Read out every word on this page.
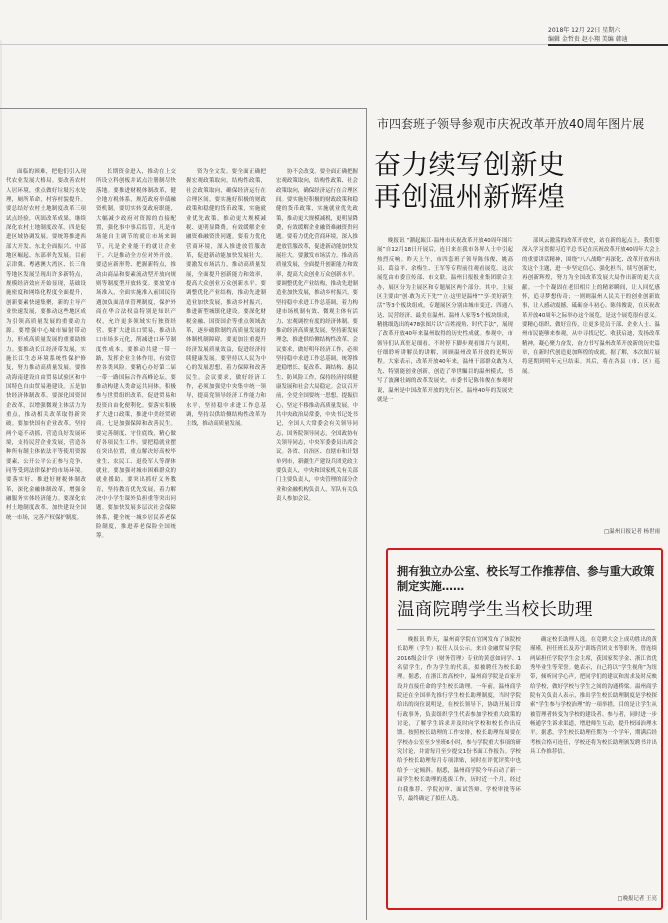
2018年 12月 22日 星期六
编辑 金哲贵 赵小翔 美编 韩迪

面临的困难，把他们引入现代农业发展大格局。要改善农村人居环境，重点做好垃圾污水处理，厕所革命，村容村貌提升。要总结好农村土地制度改革三项试点经验，巩固改革成果，继续深化农村土地制度改革。四是促进区域协调发展。要统筹推进西部大开发、东北全面振兴、中部地区崛起、东部率先发展。目前京津冀、粤港澳大湾区、长三角等地区发展呈现出许多新特点，规模经济效应开始显现，基础设施密度和网络化程度全面提升，创新要素快速集聚，新的主导产业快速发展，要推动这些地区成为引领高质量发展的重要动力源。要增强中心城市辐射带动力，形成高质量发展的重要助推力。要推动长江经济带发展，实施长江生态环境系统性保护修复，努力推动高质量发展。要推动海南建设自由贸易试验区和中国特色自由贸易港建设。五是加快经济体制改革。要深化国资国企改革，以增强微观主体活力为重点，推动相关改革取得新突破。要加快国有企业改革，坚持两个毫不动摇，营造良好发展环境，支持民营企业发展，营造各种所有制主体依法平等使用资源要素、公开公平公正参与竞争、同等受到法律保护的市场环境。要落实好、推进好财税体制改革，深化金融体制改革，增强金融服务实体经济能力。要深化农村土地制度改革，加快建设全国统一市场，完善产权保护制度。

长期资金进入，推动在上交所设立科创板并试点注册制尽快落地。要推进财税体制改革，健全地方税体系，规范政府举债融资机制。要切实转变政府职能，大幅减少政府对资源的直接配置，强化事中事后监管，凡是市场能自主调节的就让市场来调节，凡是企业能干的就让企业干。六是推动全方位对外开放。要适应新形势、把握新特点，推动由商品和要素流动型开放向规则等制度型开放转变。要放宽市场准入，全面实施准入前国民待遇加负面清单管理制度，保护外商在华合法权益特别是知识产权，允许更多领域实行独资经营。要扩大进出口贸易，推动出口市场多元化，削减进口环节制度性成本。要推动共建一带一路，发挥企业主体作用，有效管控各类风险。要精心办好第二届一带一路国际合作高峰论坛。要推动构建人类命运共同体，积极参与世贸组织改革，促进贸易和投资自由化便利化。要落实积极扩大进口政策，推进中美经贸磋商。七是加强保障和改善民生。要完善制度、守住底线，精心做好各项民生工作。要把稳就业摆在突出位置，重点解决好高校毕业生、农民工、退役军人等群体就业。要加强对城市困难群众的就业援助。要突出抓好义务教育，坚持教育优先发展，着力解决中小学生课外负担重等突出问题。要加快发展多层次社会保障体系，健全统一城乡居民养老保险制度，推进养老保险全国统筹。

资为全文发。要全面正确把握宏观政策取向，结构性政策，社会政策取向，确保经济运行在合理区间。要实施好积极的财政政策和稳健的货币政策，实施就业优先政策，推动更大规模减税、更明显降费，有效缓解企业融资难融资贵问题。要着力优化营商环境，深入推进放管服改革，促进新动能加快发展壮大。要激发市场活力，推动高质量发展，全面提升创新能力和效率，提高大众创业万众创新水平。要调整优化产业结构，推动先进制造业加快发展，推动乡村振兴，推进新型城镇化建设。要深化财税金融、国资国企等重点领域改革，逐步破除制约高质量发展的体制机制障碍。要更加注重提升经济发展质量效益，促进经济持续健康发展。要坚持以人民为中心的发展思想，着力保障和改善民生。会议要求，做好经济工作，必须加强党中央集中统一领导，提高党领导经济工作能力和水平，坚持稳中求进工作总基调，坚持以供给侧结构性改革为主线，推动高质量发展。

协不会改变。要全面正确把握宏观政策取向，结构性政策、社会政策取向，确保经济运行在合理区间。要实施好积极的财政政策和稳健的货币政策，实施就业优先政策，推动更大规模减税，更明显降费，有效缓解企业融资难融资贵问题。要着力优化营商环境，深入推进放管服改革，促进新动能加快发展壮大。要激发市场活力，推动高质量发展，全面提升创新能力和效率，提高大众创业万众创新水平。要调整优化产业结构，推动先进制造业加快发展，推动乡村振兴。要坚持稳中求进工作总基调，着力构建市场机制有效、微观主体有活力、宏观调控有度的经济体制。要推动经济高质量发展，坚持新发展理念，推进供给侧结构性改革。会议要求，做好明年经济工作，必须坚持稳中求进工作总基调，统筹推进稳增长、促改革、调结构、惠民生、防风险工作，保持经济持续健康发展和社会大局稳定。会议召开前，全党全国要统一思想，提振信心，坚定不移推动高质量发展。中共中央政治局常委，中央书记处书记，全国人大常委会有关领导同志，国务院领导同志，全国政协有关领导同志，中央军委委员出席会议。各省、自治区、直辖市和计划单列市，新疆生产建设兵团党政主要负责人，中央和国家机关有关部门主要负责人，中央管理的部分企业和金融机构负责人，军队有关负责人参加会议。

市四套班子领导参观市庆祝改革开放40周年图片展
奋力续写创新史
再创温州新辉煌

晚报讯 “潮起瓯江·温州市庆祝改革开放40周年图片展”自12月18日开展后，连日来在我市各界人士中引起热烈反响。昨天上午，市四套班子领导陈伟俊、姚高员、葛益平、余梅生、王军等专程前往观看展览。这次展览由市委宣传部、市文联、温州日报报业集团联合主办，展区分为主展区和专题展区两个部分。其中，主展区主要由“创·敢为天下先”“立·这里是温州”“享·美好新生活”等3个板块组成，专题展区分别由城市变迁、四通八达、民营经济、最美在温州、温州人家等5个板块组成，精挑细选出的478张图片以“百姓视角、时代手法”，展现了改革开放40年来温州取得的历史性成就。参观中，市领导们认真驻足细看，不时停下脚步观看图片与说明，仔细聆听讲解员的讲解，回顾温州改革开放的光辉历程。大家表示，改革开放40年来，温州干部群众敢为人先、特别能创业创新，创造了举世瞩目的温州模式，书写了波澜壮阔的改革发展史。市委书记陈伟俊在参观时说，温州是中国改革开放的先行区，温州40年的发展史就是一

部风云激荡的改革开放史，站在新的起点上，我们要深入学习贯彻习近平总书记在庆祝改革开放40周年大会上的重要讲话精神，围绕“八八战略”再深化、改革开放再出发这个主题，进一步坚定信心、强化担当，续写创新史，再创新辉煌，努力为全国改革发展大局作出新的更大贡献。一个个凝固在老旧相片上的精彩瞬间，让人回忆感怀，追寻梦想传奇；一则则温州人民关于的创业创新故事，让人感动震撼，砥砺奋斗初心。陈伟俊说，在庆祝改革开放40周年之际举办这个展览，是这个展览很有意义。要精心组织、做好宣传，让更多党员干部、企业人士、温州市民能够来参观，从中寻找记忆、收获启迪，发扬改革精神，凝心聚力奋发，奋力书写温州改革开放新的历史篇章，在新时代创造更加辉煌的成就。据了解，本次图片展将延期到明年元旦结束。其后，将在各县（市、区）巡展。

□温州日报记者 杨世雨
拥有独立办公室、校长写工作推荐信、参与重大政策制定实施……
温商院聘学生当校长助理

晚报讯 昨天，温州商学院在官网发布了该院校长助理（学生）拟任人员公示。来自金融贸易学院2016级会计学（财务管理）专业的黄意如同学、1名留学生，作为学生的代表，拟被聘任为校长助理。据悉，在浙江省高校中，温州商学院是首家开设并直接任命的学生校长助理。一年前，温州商学院还在全国率先推行学生校长助理制度，当时学院给出的岗位说明是，在校长领导下，协助开展日常行政事务，负责组织学生代表参加学校重大政策的讨论，了解学生诉求并及时向学校和校长作出反馈。按照校长助理的工作安排，校长助理每周要在学校办公室至少坐班6小时，参与学院重大事项的研究讨论，并需每月至少提交1份书面工作报告。学校给予校长助理每月专项津贴，同时在评优评奖中也给予一定倾斜。据悉，温州商学院今年启动了新一届学生校长助理的选拔工作，历时近一个月，经过自我推荐、学院初审、面试答辩、学校审批等环节，最终确定了拟任人选。

确定校长助理人选。在竞聘大会上成功胜出的黄瑾瑾，担任班长及苏宁训练营团支书等职务，曾连续两届担任学院学生会主席，获国家奖学金、浙江省优秀毕业生等荣誉。她表示，自己将以“学生视角”为纽带，倾听同学心声，把同学们的建议和需求及时反映给学校，做好学校与学生之间的沟通桥梁。温州商学院有关负责人表示，推出学生校长助理制度是学校探索“学生参与学校治理”的一项举措，目的是让学生从被管理者转变为学校的建设者、参与者，同时进一步畅通学生诉求渠道，增进师生互动，提升校园治理水平。据悉，学生校长助理任期为一个学年，期满后经考核合格可连任，学校还将为校长助理颁发聘书并出具工作推荐信。

□晚报记者 王亮
